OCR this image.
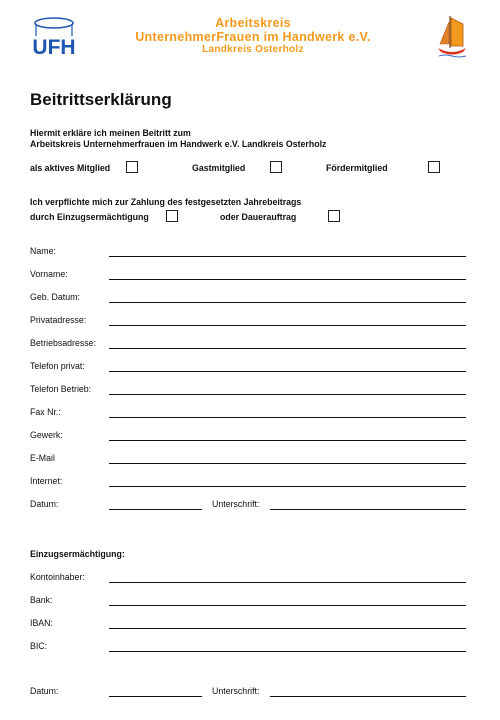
UFH
Arbeitskreis
UnternehmerFrauen im Handwerk e.V.
Landkreis Osterholz
Beitrittserklärung
Hiermit erkläre ich meinen Beitritt zum
Arbeitskreis Unternehmerfrauen im Handwerk e.V. Landkreis Osterholz
als aktives Mitglied	Gastmitglied	Fördermitglied
Ich verpflichte mich zur Zahlung des festgesetzten Jahrebeitrags
durch Einzugsermächtigung	oder Dauerauftrag
Name:
Vorname:
Geb. Datum:
Privatadresse:
Betriebsadresse:
Telefon privat:
Telefon Betrieb:
Fax Nr.:
Gewerk:
E-Mail
Internet:
Datum:	Unterschrift:
Einzugsermächtigung:
Kontoinhaber:
Bank:
IBAN:
BIC:
Datum:	Unterschrift:
